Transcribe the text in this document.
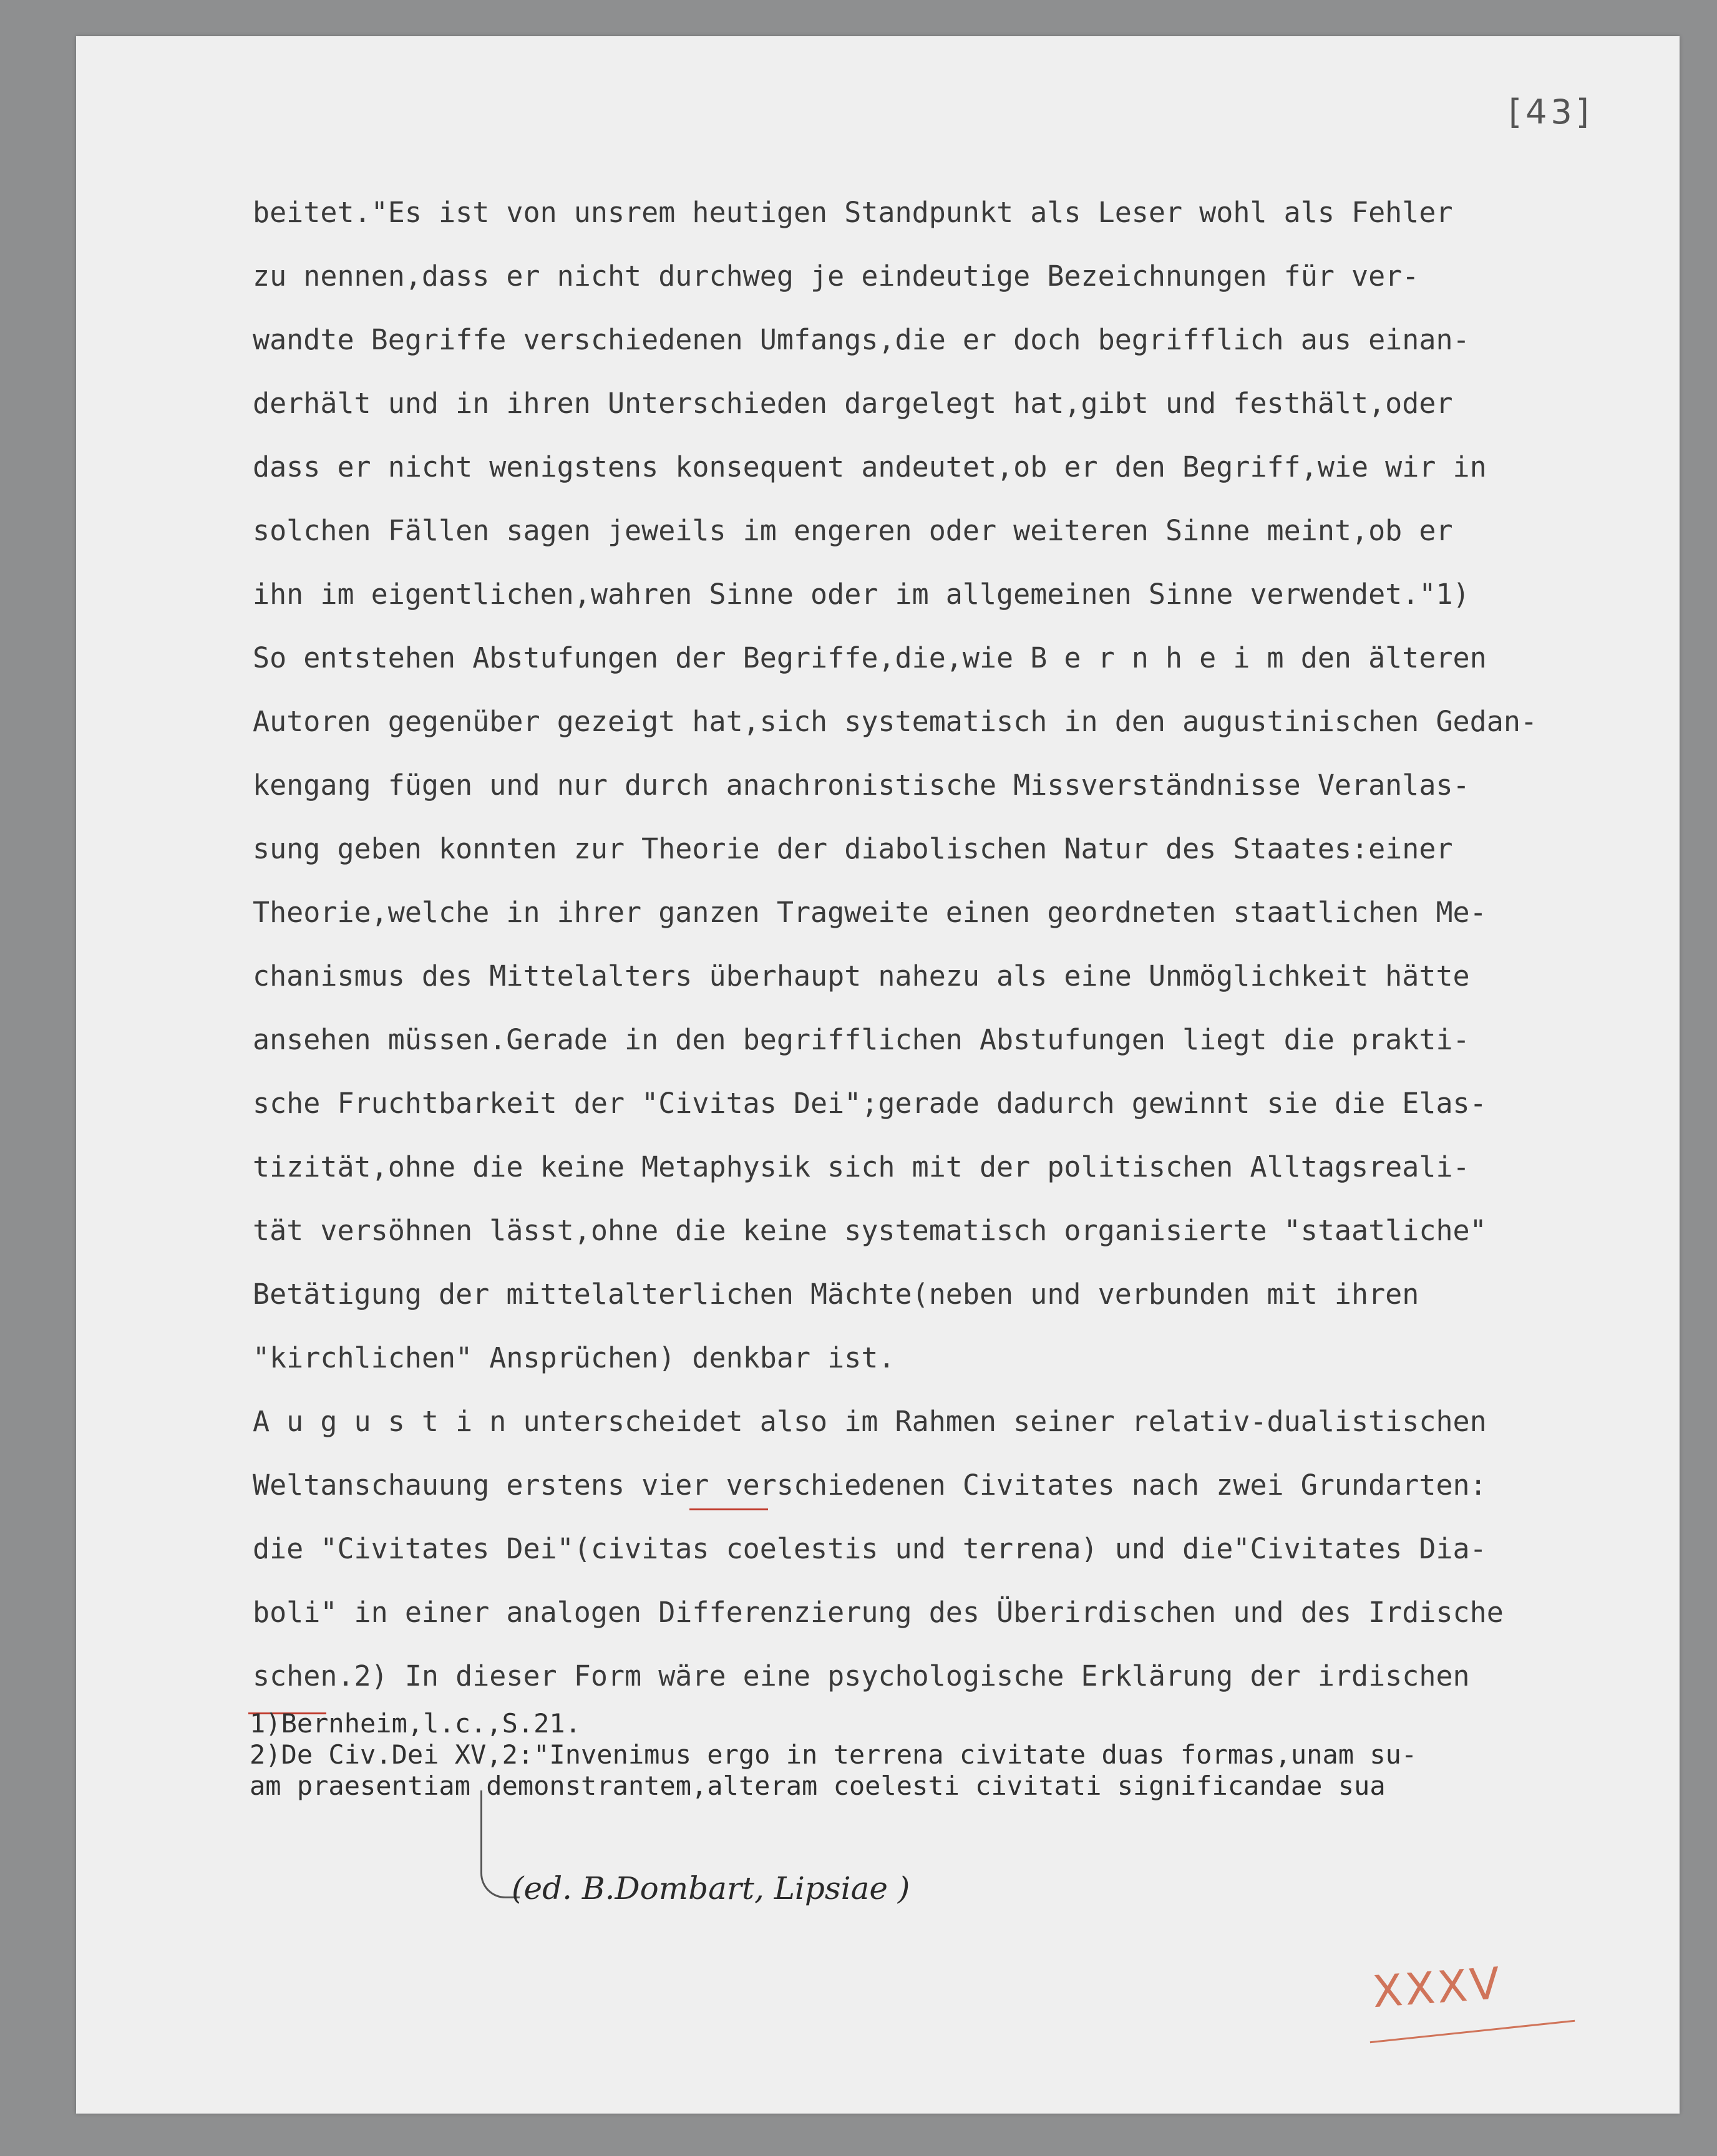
[43]
beitet."Es ist von unsrem heutigen Standpunkt als Leser wohl als Fehler
zu nennen,dass er nicht durchweg je eindeutige Bezeichnungen für ver-
wandte Begriffe verschiedenen Umfangs,die er doch begrifflich aus einan-
derhält und in ihren Unterschieden dargelegt hat,gibt und festhält,oder
dass er nicht wenigstens konsequent andeutet,ob er den Begriff,wie wir in
solchen Fällen sagen jeweils im engeren oder weiteren Sinne meint,ob er
ihn im eigentlichen,wahren Sinne oder im allgemeinen Sinne verwendet."1)
So entstehen Abstufungen der Begriffe,die,wie B e r n h e i m den älteren
Autoren gegenüber gezeigt hat,sich systematisch in den augustinischen Gedan-
kengang fügen und nur durch anachronistische Missverständnisse Veranlas-
sung geben konnten zur Theorie der diabolischen Natur des Staates:einer
Theorie,welche in ihrer ganzen Tragweite einen geordneten staatlichen Me-
chanismus des Mittelalters überhaupt nahezu als eine Unmöglichkeit hätte
ansehen müssen.Gerade in den begrifflichen Abstufungen liegt die prakti-
sche Fruchtbarkeit der "Civitas Dei";gerade dadurch gewinnt sie die Elas-
tizität,ohne die keine Metaphysik sich mit der politischen Alltagsreali-
tät versöhnen lässt,ohne die keine systematisch organisierte "staatliche"
Betätigung der mittelalterlichen Mächte(neben und verbunden mit ihren
"kirchlichen" Ansprüchen) denkbar ist.
A u g u s t i n unterscheidet also im Rahmen seiner relativ-dualistischen
Weltanschauung erstens vier verschiedenen Civitates nach zwei Grundarten:
die "Civitates Dei"(civitas coelestis und terrena) und die"Civitates Dia-
boli" in einer analogen Differenzierung des Überirdischen und des Irdische
schen.2) In dieser Form wäre eine psychologische Erklärung der irdischen
1)Bernheim,l.c.,S.21.
2)De Civ.Dei XV,2:"Invenimus ergo in terrena civitate duas formas,unam su-
am praesentiam demonstrantem,alteram coelesti civitati significandae sua
(ed. B.Dombart, Lipsiae )
XXXV
